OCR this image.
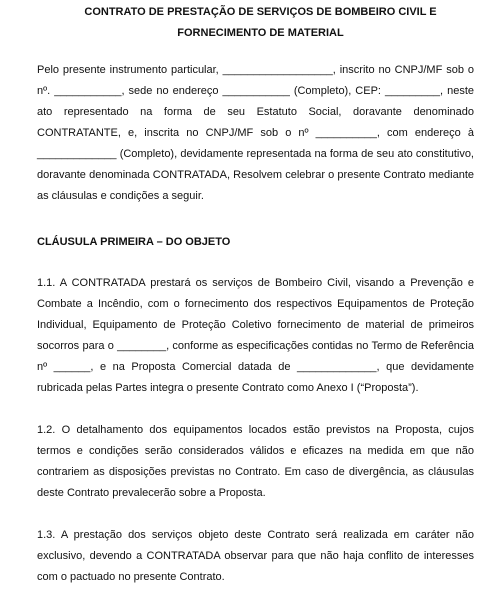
CONTRATO DE PRESTAÇÃO DE SERVIÇOS DE BOMBEIRO CIVIL E FORNECIMENTO DE MATERIAL

Pelo presente instrumento particular, __________________, inscrito no CNPJ/MF sob o nº. ___________, sede no endereço ___________ (Completo), CEP: _________, neste ato representado na forma de seu Estatuto Social, doravante denominado CONTRATANTE, e, inscrita no CNPJ/MF sob o nº __________, com endereço à _____________ (Completo), devidamente representada na forma de seu ato constitutivo, doravante denominada CONTRATADA, Resolvem celebrar o presente Contrato mediante as cláusulas e condições a seguir.

CLÁUSULA PRIMEIRA – DO OBJETO

1.1. A CONTRATADA prestará os serviços de Bombeiro Civil, visando a Prevenção e Combate a Incêndio, com o fornecimento dos respectivos Equipamentos de Proteção Individual, Equipamento de Proteção Coletivo fornecimento de material de primeiros socorros para o ________, conforme as especificações contidas no Termo de Referência nº ______, e na Proposta Comercial datada de _____________, que devidamente rubricada pelas Partes integra o presente Contrato como Anexo I (“Proposta”).

1.2. O detalhamento dos equipamentos locados estão previstos na Proposta, cujos termos e condições serão considerados válidos e eficazes na medida em que não contrariem as disposições previstas no Contrato. Em caso de divergência, as cláusulas deste Contrato prevalecerão sobre a Proposta.

1.3. A prestação dos serviços objeto deste Contrato será realizada em caráter não exclusivo, devendo a CONTRATADA observar para que não haja conflito de interesses com o pactuado no presente Contrato.
